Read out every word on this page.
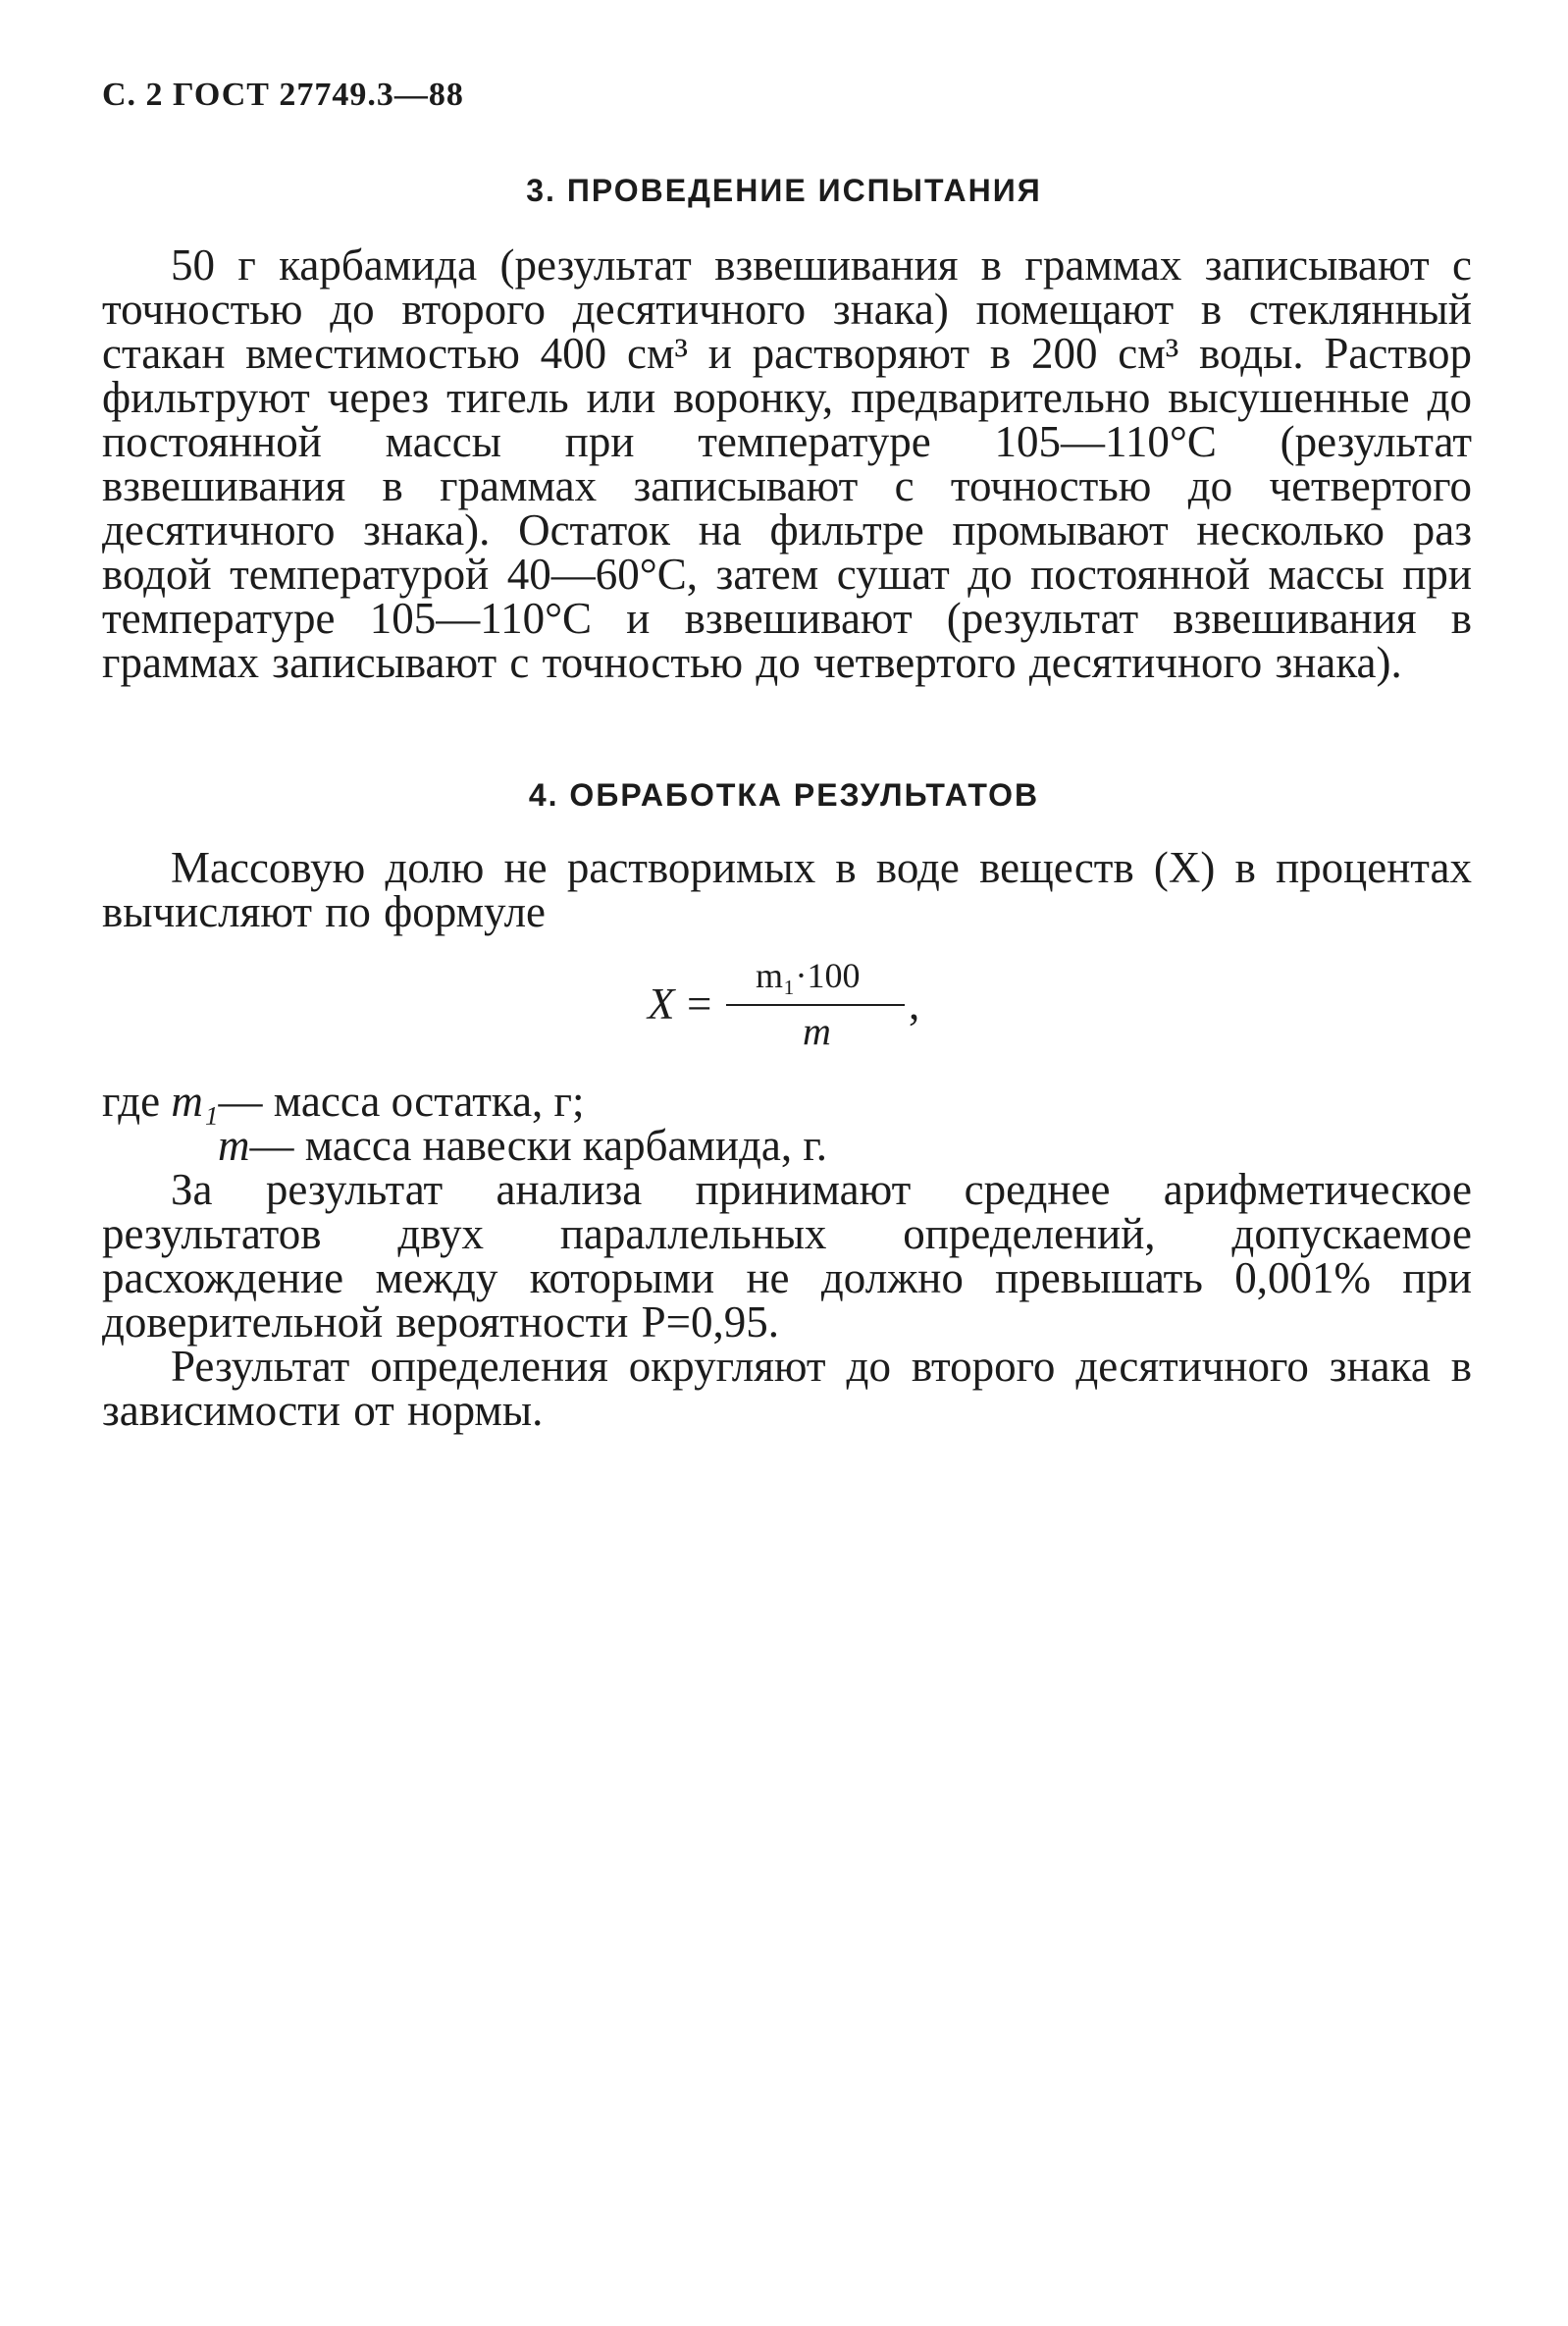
С. 2 ГОСТ 27749.3—88
3. ПРОВЕДЕНИЕ ИСПЫТАНИЯ
50 г карбамида (результат взвешивания в граммах записывают с точностью до второго десятичного знака) помещают в стеклянный стакан вместимостью 400 см³ и растворяют в 200 см³ воды. Раствор фильтруют через тигель или воронку, предварительно высушенные до постоянной массы при температуре 105—110°С (результат взвешивания в граммах записывают с точностью до четвертого десятичного знака). Остаток на фильтре промывают несколько раз водой температурой 40—60°С, затем сушат до постоянной массы при температуре 105—110°С и взвешивают (результат взвешивания в граммах записывают с точностью до четвертого десятичного знака).
4. ОБРАБОТКА РЕЗУЛЬТАТОВ
Массовую долю не растворимых в воде веществ (X) в процентах вычисляют по формуле
X =
m₁·100
m
,
где m₁— масса остатка, г;
m— масса навески карбамида, г.
За результат анализа принимают среднее арифметическое результатов двух параллельных определений, допускаемое расхождение между которыми не должно превышать 0,001% при доверительной вероятности P=0,95.
Результат определения округляют до второго десятичного знака в зависимости от нормы.
